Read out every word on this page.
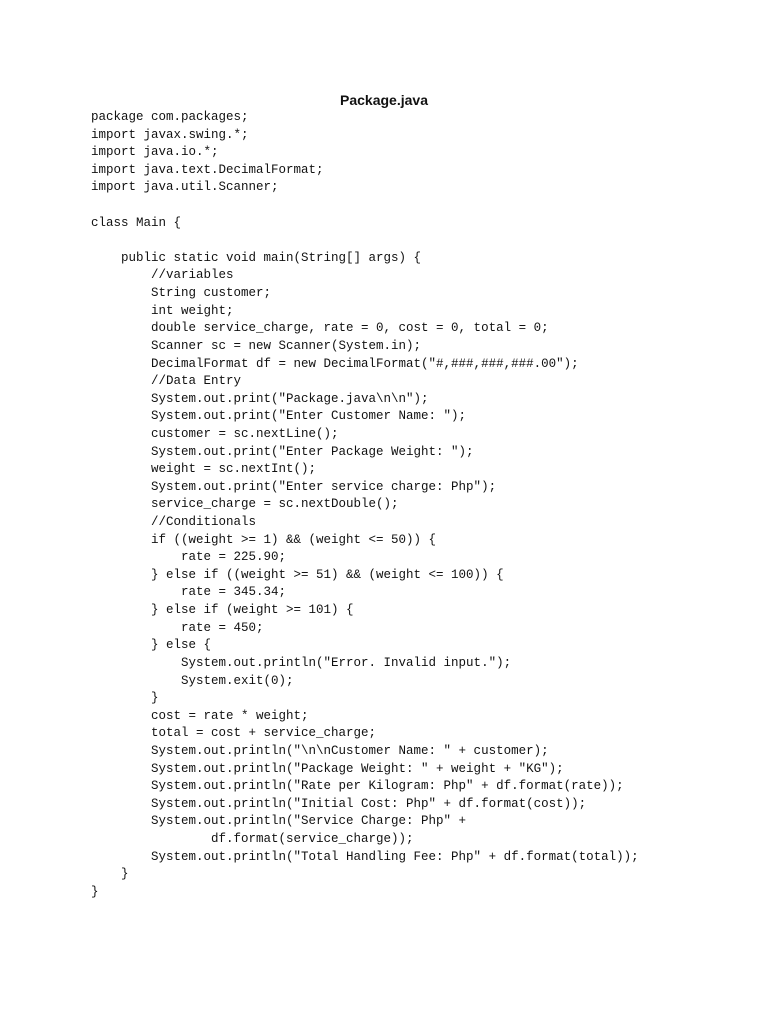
Package.java
package com.packages;
import javax.swing.*;
import java.io.*;
import java.text.DecimalFormat;
import java.util.Scanner;
class Main {
public static void main(String[] args) {
//variables
String customer;
int weight;
double service_charge, rate = 0, cost = 0, total = 0;
Scanner sc = new Scanner(System.in);
DecimalFormat df = new DecimalFormat("#,###,###,###.00");
//Data Entry
System.out.print("Package.java\n\n");
System.out.print("Enter Customer Name: ");
customer = sc.nextLine();
System.out.print("Enter Package Weight: ");
weight = sc.nextInt();
System.out.print("Enter service charge: Php");
service_charge = sc.nextDouble();
//Conditionals
if ((weight >= 1) && (weight <= 50)) {
rate = 225.90;
} else if ((weight >= 51) && (weight <= 100)) {
rate = 345.34;
} else if (weight >= 101) {
rate = 450;
} else {
System.out.println("Error. Invalid input.");
System.exit(0);
}
cost = rate * weight;
total = cost + service_charge;
System.out.println("\n\nCustomer Name: " + customer);
System.out.println("Package Weight: " + weight + "KG");
System.out.println("Rate per Kilogram: Php" + df.format(rate));
System.out.println("Initial Cost: Php" + df.format(cost));
System.out.println("Service Charge: Php" +
df.format(service_charge));
System.out.println("Total Handling Fee: Php" + df.format(total));
}
}
